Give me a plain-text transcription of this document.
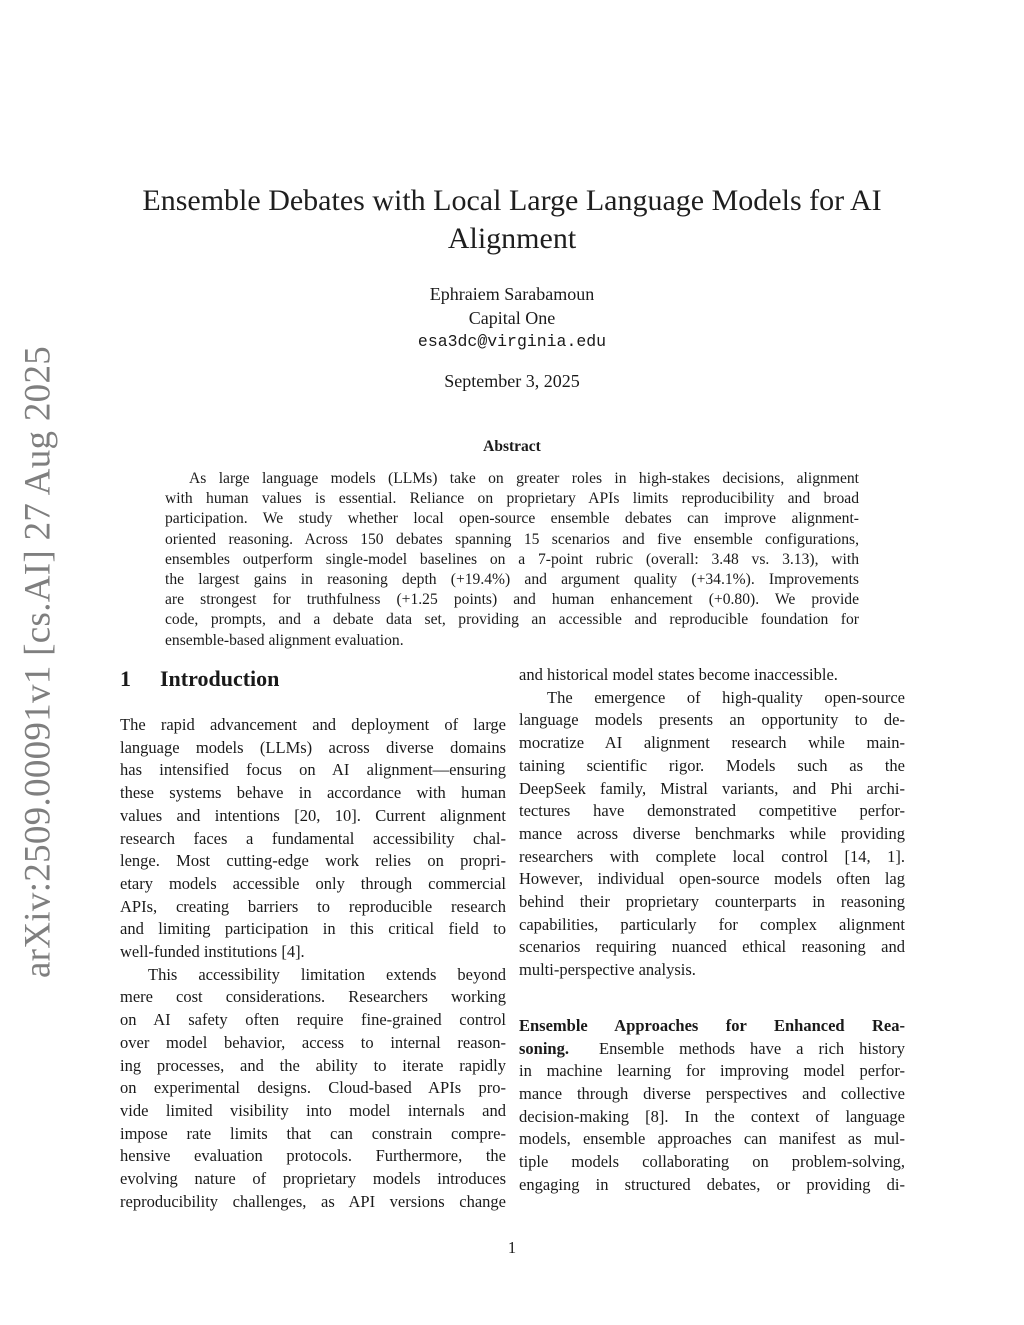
arXiv:2509.00091v1 [cs.AI] 27 Aug 2025
Ensemble Debates with Local Large Language Models for AI
Alignment
Ephraiem Sarabamoun
Capital One
esa3dc@virginia.edu
September 3, 2025
Abstract
As large language models (LLMs) take on greater roles in high-stakes decisions, alignment
with human values is essential. Reliance on proprietary APIs limits reproducibility and broad
participation. We study whether local open-source ensemble debates can improve alignment-
oriented reasoning. Across 150 debates spanning 15 scenarios and five ensemble configurations,
ensembles outperform single-model baselines on a 7-point rubric (overall: 3.48 vs. 3.13), with
the largest gains in reasoning depth (+19.4%) and argument quality (+34.1%). Improvements
are strongest for truthfulness (+1.25 points) and human enhancement (+0.80). We provide
code, prompts, and a debate data set, providing an accessible and reproducible foundation for
ensemble-based alignment evaluation.
1 Introduction
The rapid advancement and deployment of large
language models (LLMs) across diverse domains
has intensified focus on AI alignment—ensuring
these systems behave in accordance with human
values and intentions [20, 10]. Current alignment
research faces a fundamental accessibility chal-
lenge. Most cutting-edge work relies on propri-
etary models accessible only through commercial
APIs, creating barriers to reproducible research
and limiting participation in this critical field to
well-funded institutions [4].
This accessibility limitation extends beyond
mere cost considerations. Researchers working
on AI safety often require fine-grained control
over model behavior, access to internal reason-
ing processes, and the ability to iterate rapidly
on experimental designs. Cloud-based APIs pro-
vide limited visibility into model internals and
impose rate limits that can constrain compre-
hensive evaluation protocols. Furthermore, the
evolving nature of proprietary models introduces
reproducibility challenges, as API versions change
and historical model states become inaccessible.
The emergence of high-quality open-source
language models presents an opportunity to de-
mocratize AI alignment research while main-
taining scientific rigor. Models such as the
DeepSeek family, Mistral variants, and Phi archi-
tectures have demonstrated competitive perfor-
mance across diverse benchmarks while providing
researchers with complete local control [14, 1].
However, individual open-source models often lag
behind their proprietary counterparts in reasoning
capabilities, particularly for complex alignment
scenarios requiring nuanced ethical reasoning and
multi-perspective analysis.
Ensemble Approaches for Enhanced Rea-
soning. Ensemble methods have a rich history
in machine learning for improving model perfor-
mance through diverse perspectives and collective
decision-making [8]. In the context of language
models, ensemble approaches can manifest as mul-
tiple models collaborating on problem-solving,
engaging in structured debates, or providing di-
1
